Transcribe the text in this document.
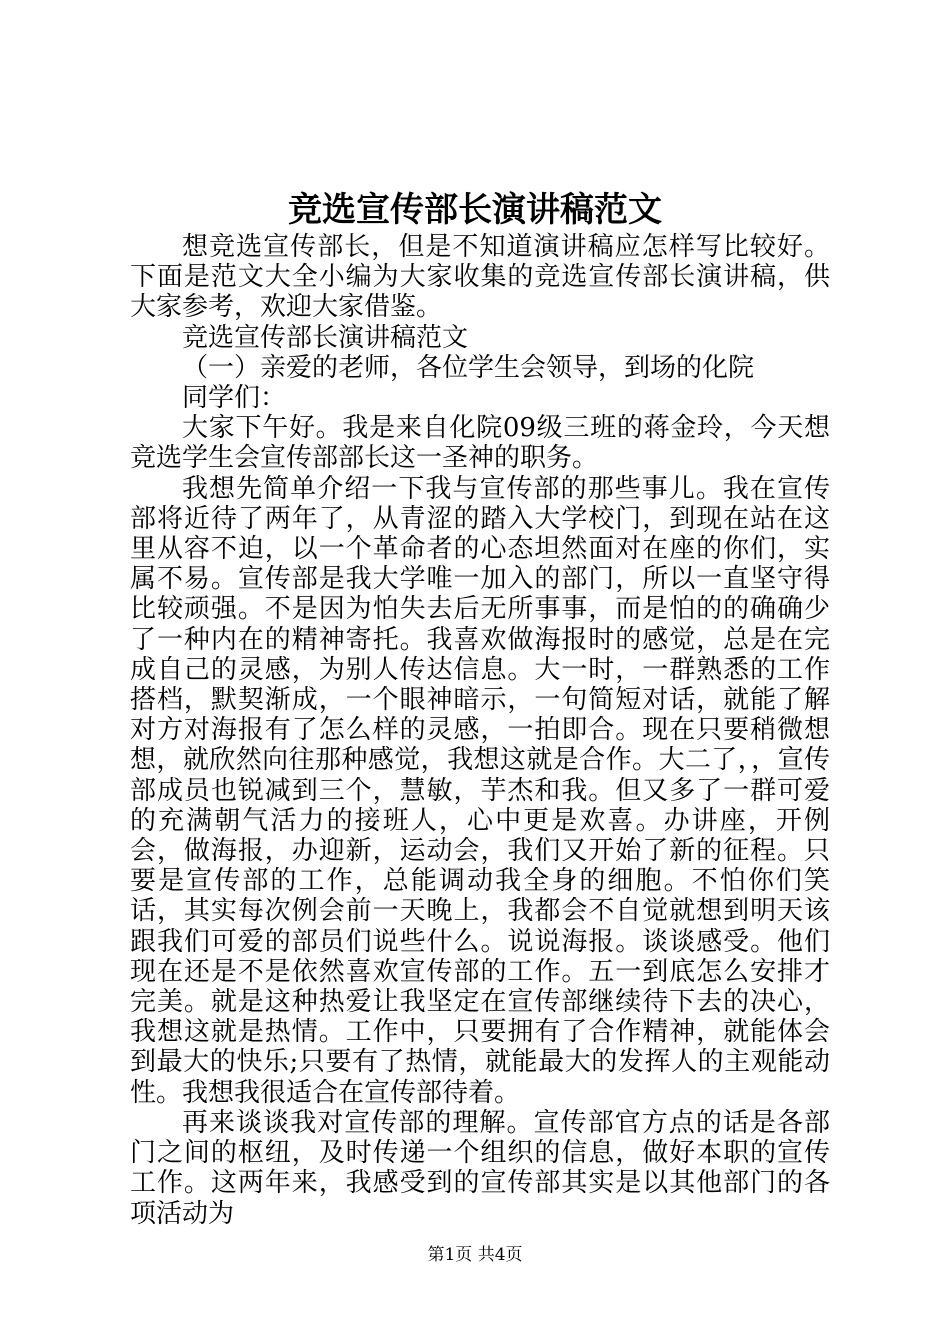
竞选宣传部长演讲稿范文

想竞选宣传部长，但是不知道演讲稿应怎样写比较好。下面是范文大全小编为大家收集的竞选宣传部长演讲稿，供大家参考，欢迎大家借鉴。

竞选宣传部长演讲稿范文

（一）亲爱的老师，各位学生会领导，到场的化院

同学们：

大家下午好。我是来自化院09级三班的蒋金玲，今天想竞选学生会宣传部部长这一圣神的职务。

我想先简单介绍一下我与宣传部的那些事儿。我在宣传部将近待了两年了，从青涩的踏入大学校门，到现在站在这里从容不迫，以一个革命者的心态坦然面对在座的你们，实属不易。宣传部是我大学唯一加入的部门，所以一直坚守得比较顽强。不是因为怕失去后无所事事，而是怕的的确确少了一种内在的精神寄托。我喜欢做海报时的感觉，总是在完成自己的灵感，为别人传达信息。大一时，一群熟悉的工作搭档，默契渐成，一个眼神暗示，一句简短对话，就能了解对方对海报有了怎么样的灵感，一拍即合。现在只要稍微想想，就欣然向往那种感觉，我想这就是合作。大二了，，宣传部成员也锐减到三个，慧敏，芋杰和我。但又多了一群可爱的充满朝气活力的接班人，心中更是欢喜。办讲座，开例会，做海报，办迎新，运动会，我们又开始了新的征程。只要是宣传部的工作，总能调动我全身的细胞。不怕你们笑话，其实每次例会前一天晚上，我都会不自觉就想到明天该跟我们可爱的部员们说些什么。说说海报。谈谈感受。他们现在还是不是依然喜欢宣传部的工作。五一到底怎么安排才完美。就是这种热爱让我坚定在宣传部继续待下去的决心，我想这就是热情。工作中，只要拥有了合作精神，就能体会到最大的快乐;只要有了热情，就能最大的发挥人的主观能动性。我想我很适合在宣传部待着。

再来谈谈我对宣传部的理解。宣传部官方点的话是各部门之间的枢纽，及时传递一个组织的信息，做好本职的宣传工作。这两年来，我感受到的宣传部其实是以其他部门的各项活动为

第1页 共4页
